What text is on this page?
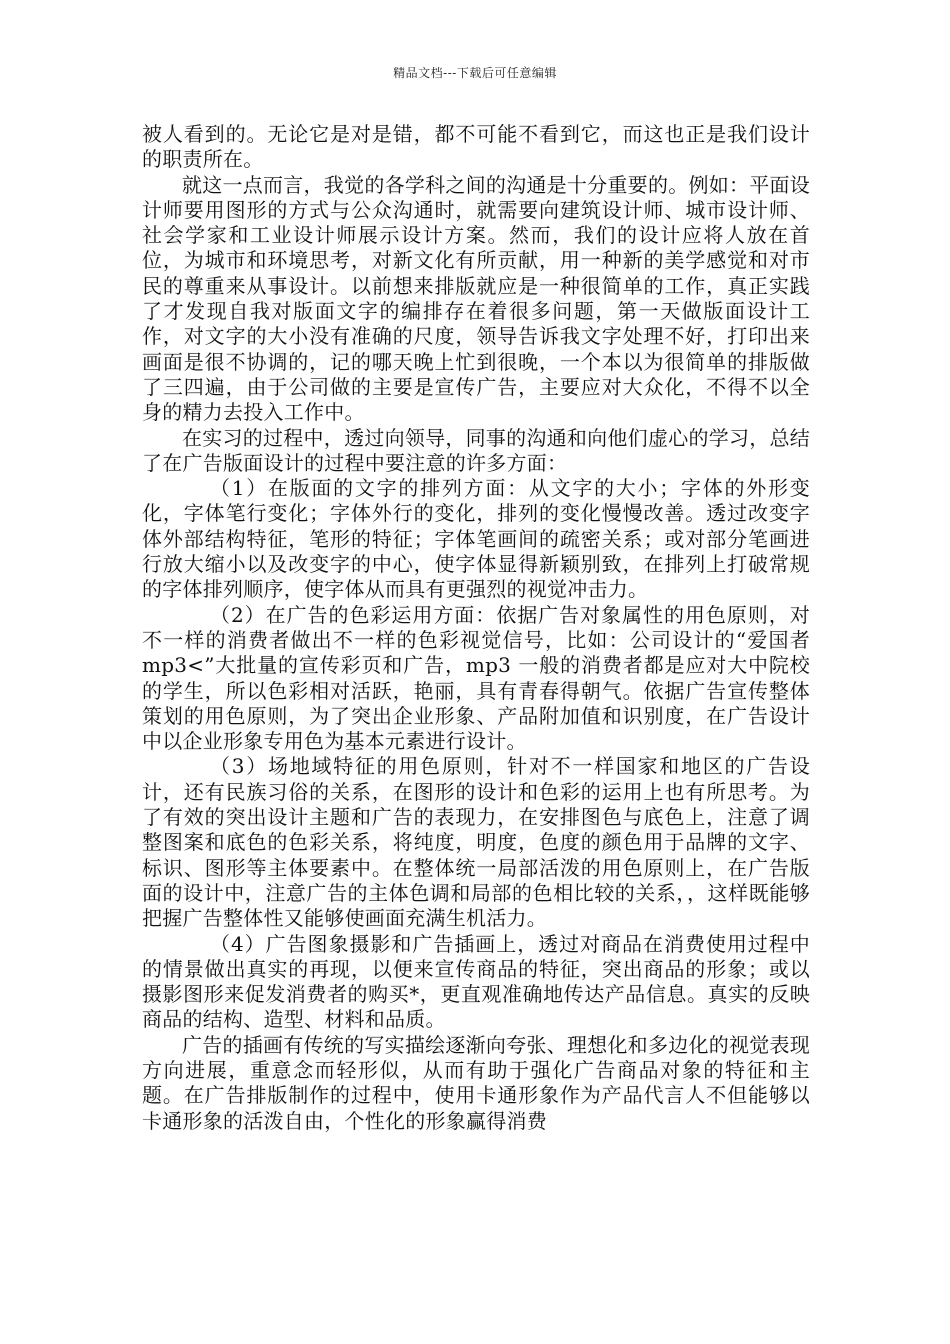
精品文档---下载后可任意编辑

被人看到的。无论它是对是错，都不可能不看到它，而这也正是我们设计的职责所在。

就这一点而言，我觉的各学科之间的沟通是十分重要的。例如：平面设计师要用图形的方式与公众沟通时，就需要向建筑设计师、城市设计师、社会学家和工业设计师展示设计方案。然而，我们的设计应将人放在首位，为城市和环境思考，对新文化有所贡献，用一种新的美学感觉和对市民的尊重来从事设计。以前想来排版就应是一种很简单的工作，真正实践了才发现自我对版面文字的编排存在着很多问题，第一天做版面设计工作，对文字的大小没有准确的尺度，领导告诉我文字处理不好，打印出来画面是很不协调的，记的哪天晚上忙到很晚，一个本以为很简单的排版做了三四遍，由于公司做的主要是宣传广告，主要应对大众化，不得不以全身的精力去投入工作中。

在实习的过程中，透过向领导，同事的沟通和向他们虚心的学习，总结了在广告版面设计的过程中要注意的许多方面：

（1）在版面的文字的排列方面：从文字的大小；字体的外形变化，字体笔行变化；字体外行的变化，排列的变化慢慢改善。透过改变字体外部结构特征，笔形的特征；字体笔画间的疏密关系；或对部分笔画进行放大缩小以及改变字的中心，使字体显得新颖别致，在排列上打破常规的字体排列顺序，使字体从而具有更强烈的视觉冲击力。

（2）在广告的色彩运用方面：依据广告对象属性的用色原则，对不一样的消费者做出不一样的色彩视觉信号，比如：公司设计的“爱国者 mp3<”大批量的宣传彩页和广告，mp3 一般的消费者都是应对大中院校的学生，所以色彩相对活跃，艳丽，具有青春得朝气。依据广告宣传整体策划的用色原则，为了突出企业形象、产品附加值和识别度，在广告设计中以企业形象专用色为基本元素进行设计。

（3）场地域特征的用色原则，针对不一样国家和地区的广告设计，还有民族习俗的关系，在图形的设计和色彩的运用上也有所思考。为了有效的突出设计主题和广告的表现力，在安排图色与底色上，注意了调整图案和底色的色彩关系，将纯度，明度，色度的颜色用于品牌的文字、标识、图形等主体要素中。在整体统一局部活泼的用色原则上，在广告版面的设计中，注意广告的主体色调和局部的色相比较的关系，，这样既能够把握广告整体性又能够使画面充满生机活力。

（4）广告图象摄影和广告插画上，透过对商品在消费使用过程中的情景做出真实的再现，以便来宣传商品的特征，突出商品的形象；或以摄影图形来促发消费者的购买*，更直观准确地传达产品信息。真实的反映商品的结构、造型、材料和品质。

广告的插画有传统的写实描绘逐渐向夸张、理想化和多边化的视觉表现方向进展，重意念而轻形似，从而有助于强化广告商品对象的特征和主题。在广告排版制作的过程中，使用卡通形象作为产品代言人不但能够以卡通形象的活泼自由，个性化的形象赢得消费
